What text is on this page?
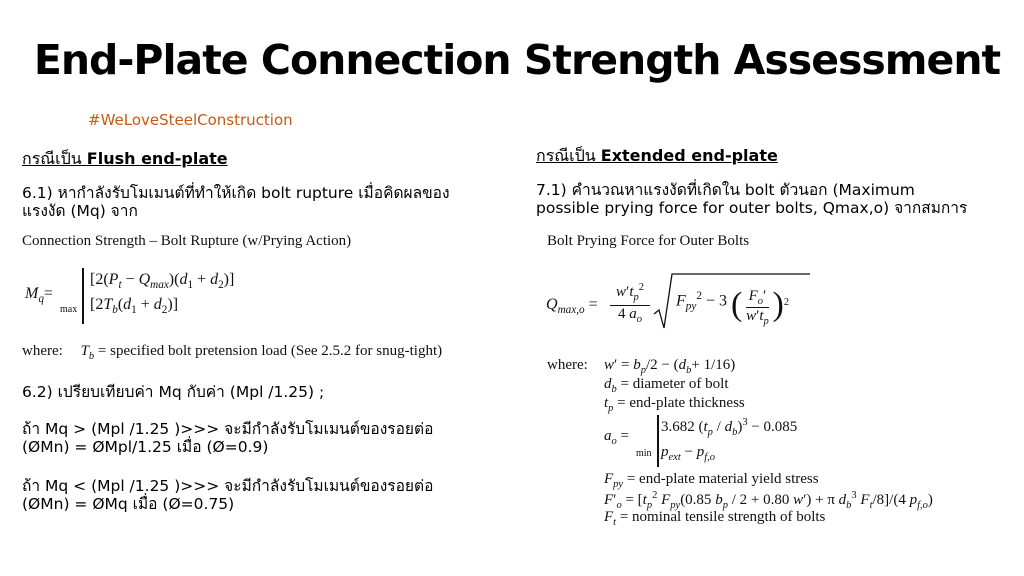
End-Plate Connection Strength Assessment
#WeLoveSteelConstruction
กรณีเป็น Flush end-plate
6.1) หากำลังรับโมเมนต์ที่ทำให้เกิด bolt rupture เมื่อคิดผลของ
แรงงัด (Mq) จาก
Connection Strength – Bolt Rupture (w/Prying Action)
$M_q=$
max
$[2(P_t - Q_{max})(d_1 + d_2)]$
$[2T_b(d_1 + d_2)]$
where: $T_b$ = specified bolt pretension load (See 2.5.2 for snug-tight)
6.2) เปรียบเทียบค่า Mq กับค่า (Mpl /1.25) ;
ถ้า Mq > (Mpl /1.25 )>>> จะมีกำลังรับโมเมนต์ของรอยต่อ
(ØMn) = ØMpl/1.25 เมื่อ (Ø=0.9)
ถ้า Mq < (Mpl /1.25 )>>> จะมีกำลังรับโมเมนต์ของรอยต่อ
(ØMn) = ØMq เมื่อ (Ø=0.75)
กรณีเป็น Extended end-plate
7.1) คำนวณหาแรงงัดที่เกิดใน bolt ตัวนอก (Maximum
possible prying force for outer bolts, Qmax,o) จากสมการ
Bolt Prying Force for Outer Bolts
$Q_{max,o} = \frac{w't_p^2}{4 a_o} F_{py}^2 - 3$ ( $\frac{F_o'}{w't_p} )^2$
where: $w' = b_p/2 - (d_b+ 1/16)$
$d_b$ = diameter of bolt
$t_p$ = end-plate thickness
$a_o$ =
min
3.682 $(t_p / d_b)^3 - 0.085$
$p_{ext} - p_{f,o}$
$F_{py}$ = end-plate material yield stress
$F'_o = [t_p^2$ $F_{py}(0.85$ $b_p / 2 + 0.80$ w′) + π $d_b^3$ $F_t/8]/(4$ $p_{f,o}$)
$F_t$ = nominal tensile strength of bolts
